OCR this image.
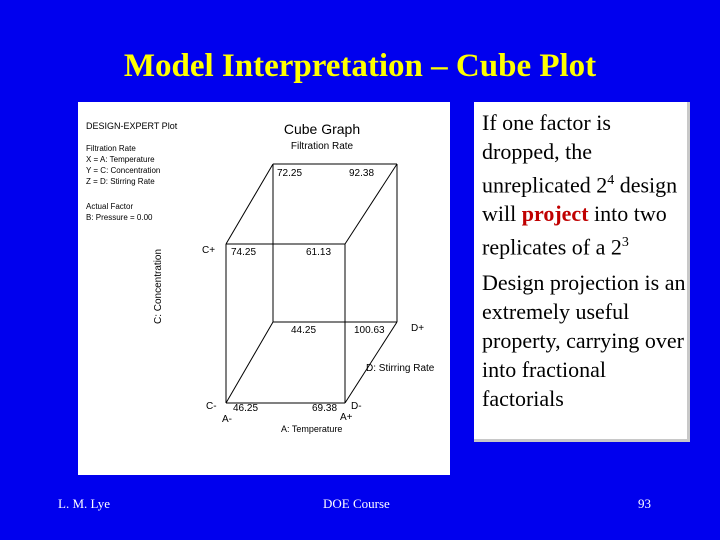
Model Interpretation – Cube Plot
DESIGN-EXPERT Plot
Filtration Rate
X = A: Temperature
Y = C: Concentration
Z = D: Stirring Rate
Actual Factor
B: Pressure = 0.00
Cube Graph
Filtration Rate
72.25	92.38
74.25	61.13
44.25	100.63
46.25	69.38
C+
C-
A-	A+
D+
D-
D: Stirring Rate
A: Temperature
C: Concentration

If one factor is dropped, the unreplicated $2^4$ design will project into two replicates of a $2^3$

Design projection is an extremely useful property, carrying over into fractional factorials

L. M. Lye	DOE Course	93
